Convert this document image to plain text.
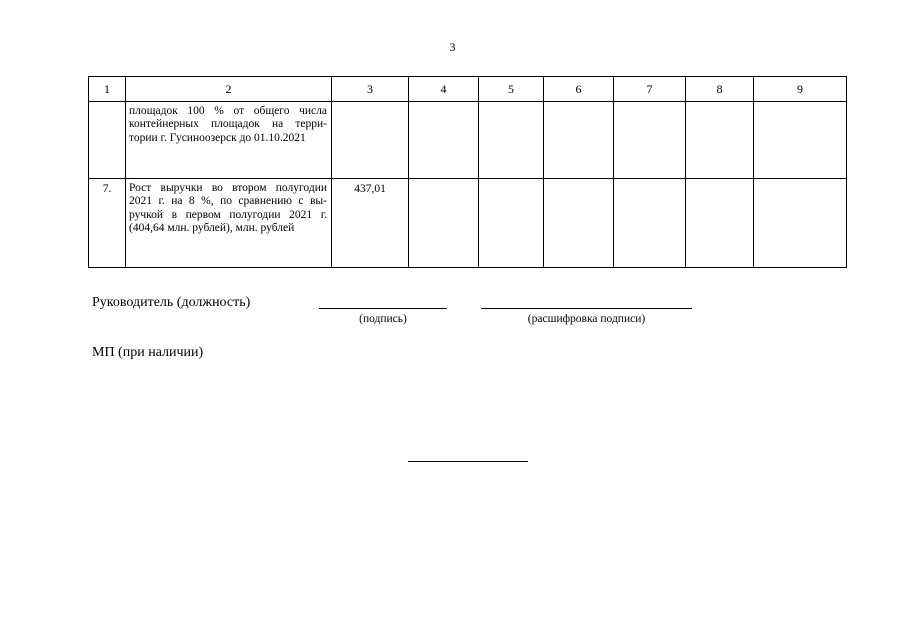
3
1	2	3	4	5	6	7	8	9
	площадок 100 % от общего числа контейнерных площадок на терри-тории г. Гусиноозерск до 01.10.2021							
7.	Рост выручки во втором полугодии 2021 г. на 8 %, по сравнению с вы-ручкой в первом полугодии 2021 г. (404,64 млн. рублей), млн. рублей	437,01						
Руководитель (должность)
(подпись)	(расшифровка подписи)
МП (при наличии)
